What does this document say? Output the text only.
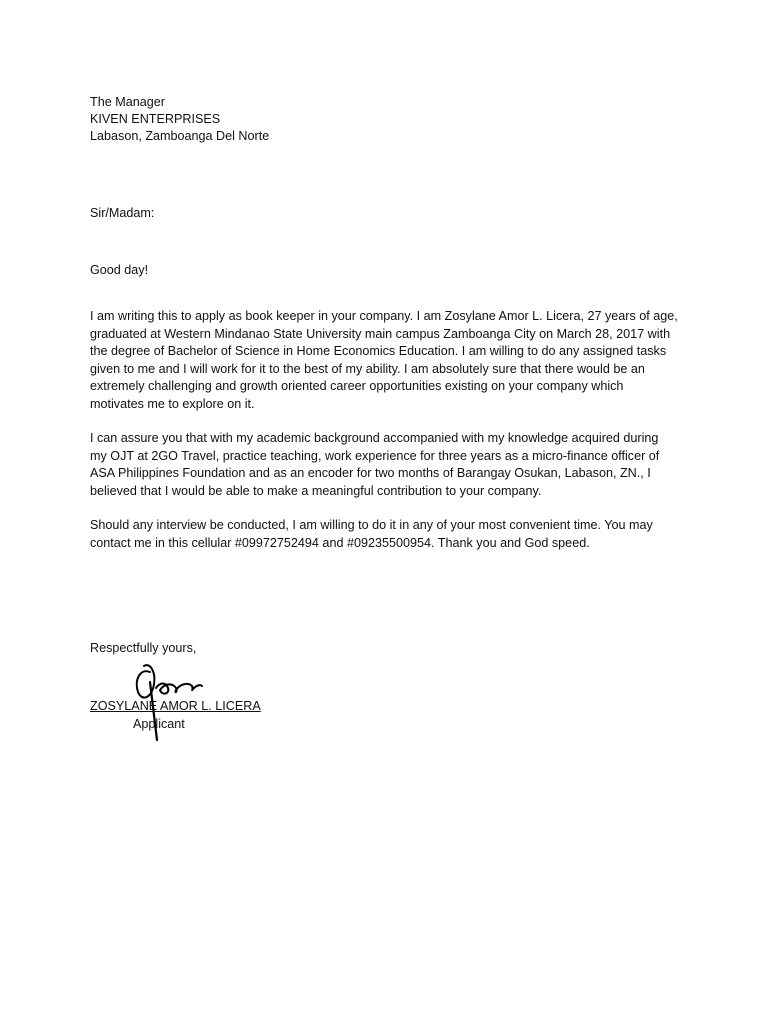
The Manager

KIVEN ENTERPRISES

Labason, Zamboanga Del Norte

Sir/Madam:

Good day!

I am writing this to apply as book keeper in your company. I am Zosylane Amor L. Licera, 27 years of age,
graduated at Western Mindanao State University main campus Zamboanga City on March 28, 2017 with
the degree of Bachelor of Science in Home Economics Education. I am willing to do any assigned tasks
given to me and I will work for it to the best of my ability. I am absolutely sure that there would be an
extremely challenging and growth oriented career opportunities existing on your company which
motivates me to explore on it.
I can assure you that with my academic background accompanied with my knowledge acquired during
my OJT at 2GO Travel, practice teaching, work experience for three years as a micro-finance officer of
ASA Philippines Foundation and as an encoder for two months of Barangay Osukan, Labason, ZN., I
believed that I would be able to make a meaningful contribution to your company.
Should any interview be conducted, I am willing to do it in any of your most convenient time. You may
contact me in this cellular #09972752494 and #09235500954. Thank you and God speed.

Respectfully yours,

ZOSYLANE AMOR L. LICERA

Applicant
